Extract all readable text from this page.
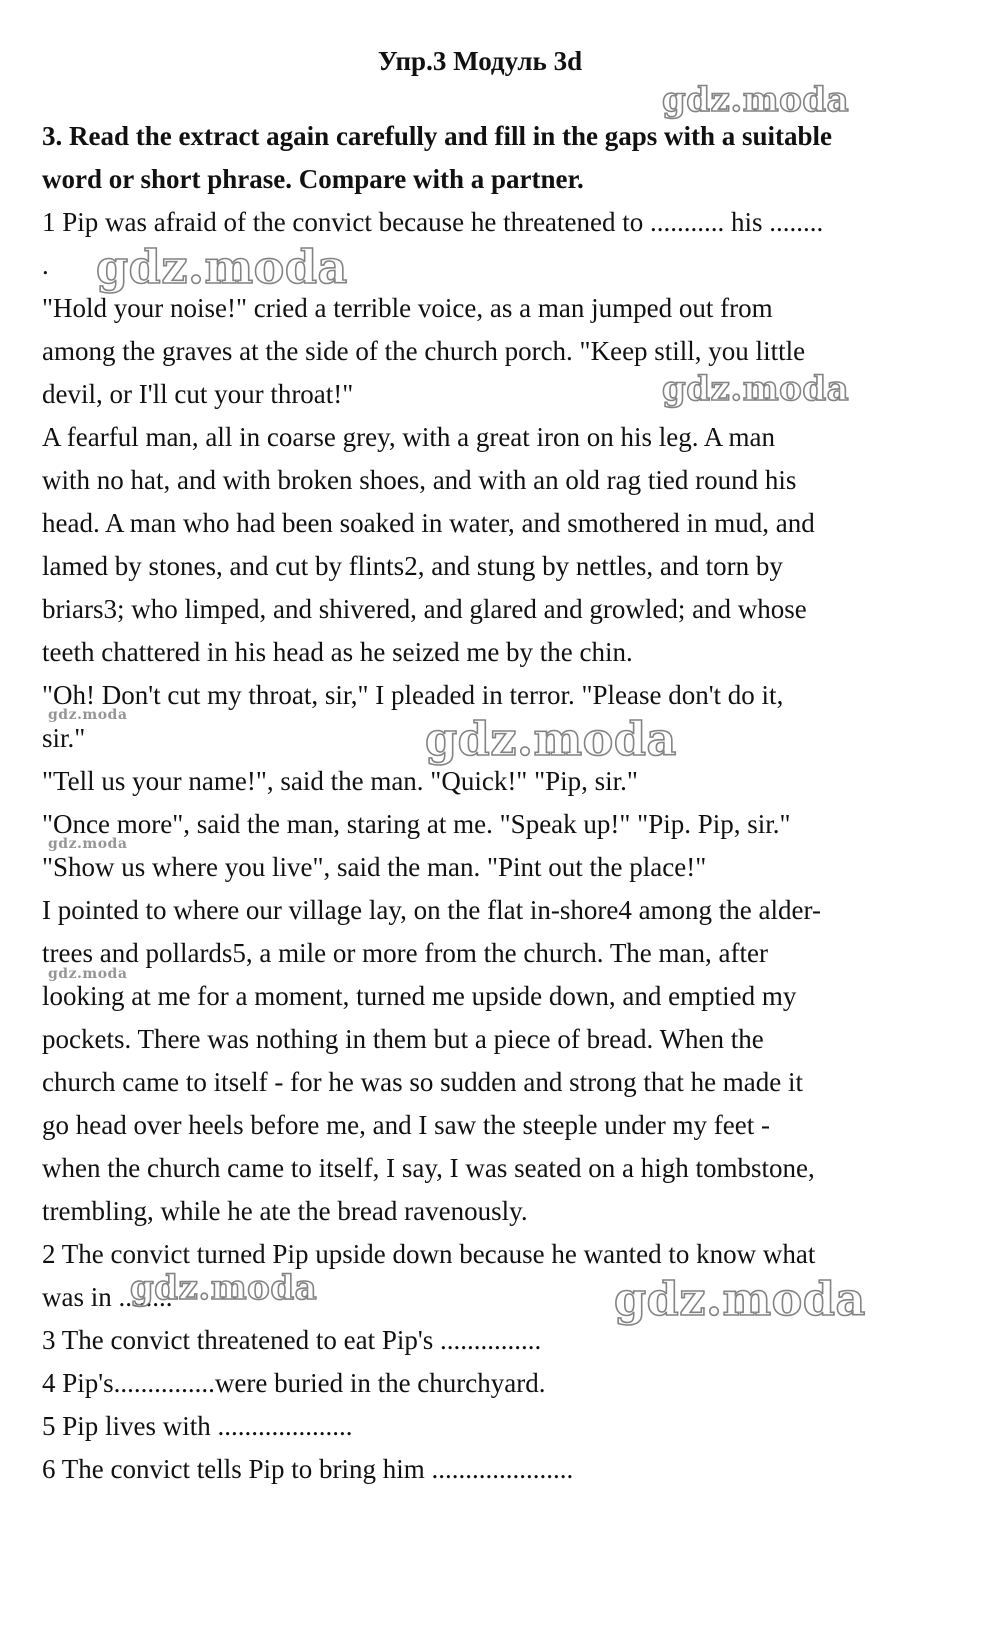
Упр.3 Модуль 3d
3. Read the extract again carefully and fill in the gaps with a suitable
word or short phrase. Compare with a partner.
1 Pip was afraid of the convict because he threatened to ........... his ........
.
"Hold your noise!" cried a terrible voice, as a man jumped out from
among the graves at the side of the church porch. "Keep still, you little
devil, or I'll cut your throat!"
A fearful man, all in coarse grey, with a great iron on his leg. A man
with no hat, and with broken shoes, and with an old rag tied round his
head. A man who had been soaked in water, and smothered in mud, and
lamed by stones, and cut by flints2, and stung by nettles, and torn by
briars3; who limped, and shivered, and glared and growled; and whose
teeth chattered in his head as he seized me by the chin.
"Oh! Don't cut my throat, sir," I pleaded in terror. "Please don't do it,
sir."
"Tell us your name!", said the man. "Quick!" "Pip, sir."
"Once more", said the man, staring at me. "Speak up!" "Pip. Pip, sir."
"Show us where you live", said the man. "Pint out the place!"
I pointed to where our village lay, on the flat in-shore4 among the alder-
trees and pollards5, a mile or more from the church. The man, after
looking at me for a moment, turned me upside down, and emptied my
pockets. There was nothing in them but a piece of bread. When the
church came to itself - for he was so sudden and strong that he made it
go head over heels before me, and I saw the steeple under my feet -
when the church came to itself, I say, I was seated on a high tombstone,
trembling, while he ate the bread ravenously.
2 The convict turned Pip upside down because he wanted to know what
was in ........
3 The convict threatened to eat Pip's ...............
4 Pip's...............were buried in the churchyard.
5 Pip lives with ....................
6 The convict tells Pip to bring him .....................
gdz.moda
gdz.moda
gdz.moda
gdz.moda	gdz.moda
gdz.moda
gdz.moda
gdz.moda	gdz.moda
